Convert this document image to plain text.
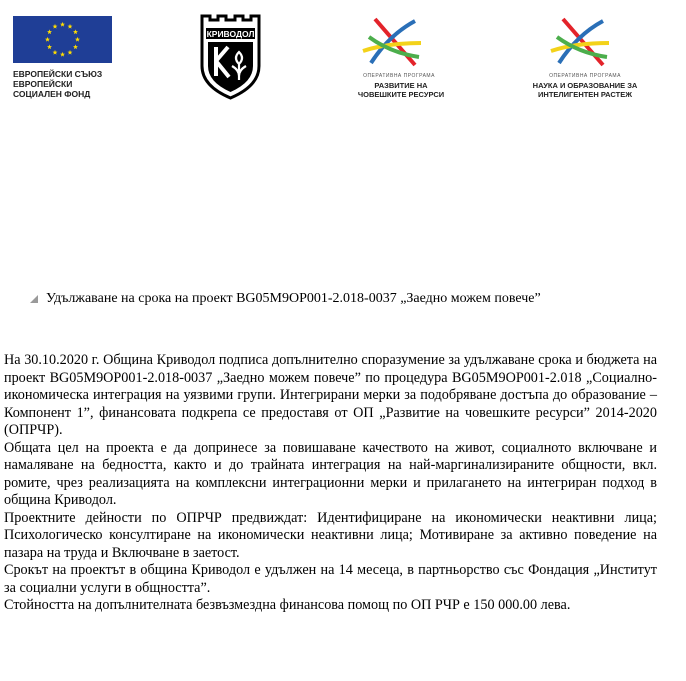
ЕВРОПЕЙСКИ СЪЮЗ
ЕВРОПЕЙСКИ
СОЦИАЛЕН ФОНД
КРИВОДОЛ
ОПЕРАТИВНА ПРОГРАМА
РАЗВИТИЕ НА
ЧОВЕШКИТЕ РЕСУРСИ
ОПЕРАТИВНА ПРОГРАМА
НАУКА И ОБРАЗОВАНИЕ ЗА
ИНТЕЛИГЕНТЕН РАСТЕЖ
Удължаване на срока на проект BG05M9OP001-2.018-0037 „Заедно можем повече”

На 30.10.2020 г. Община Криводол подписа допълнително споразумение за удължаване срока и бюджета на проект BG05M9OP001-2.018-0037 „Заедно можем повече” по процедура BG05M9OP001-2.018 „Социално-икономическа интеграция на уязвими групи. Интегрирани мерки за подобряване достъпа до образование – Компонент 1”, финансовата подкрепа се предоставя от ОП „Развитие на човешките ресурси” 2014-2020 (ОПРЧР).

Общата цел на проекта е да допринесе за повишаване качеството на живот, социалното включване и намаляване на бедността, както и до трайната интеграция на най-маргинализираните общности, вкл. ромите, чрез реализацията на комплексни интеграционни мерки и прилагането на интегриран подход в община Криводол.

Проектните дейности по ОПРЧР предвиждат: Идентифициране на икономически неактивни лица; Психологическо консултиране на икономически неактивни лица; Мотивиране за активно поведение на пазара на труда и Включване в заетост.

Срокът на проектът в община Криводол е удължен на 14 месеца, в партньорство със Фондация „Институт за социални услуги в общността”.

Стойността на допълнителната безвъзмездна финансова помощ по ОП РЧР е 150 000.00 лева.
